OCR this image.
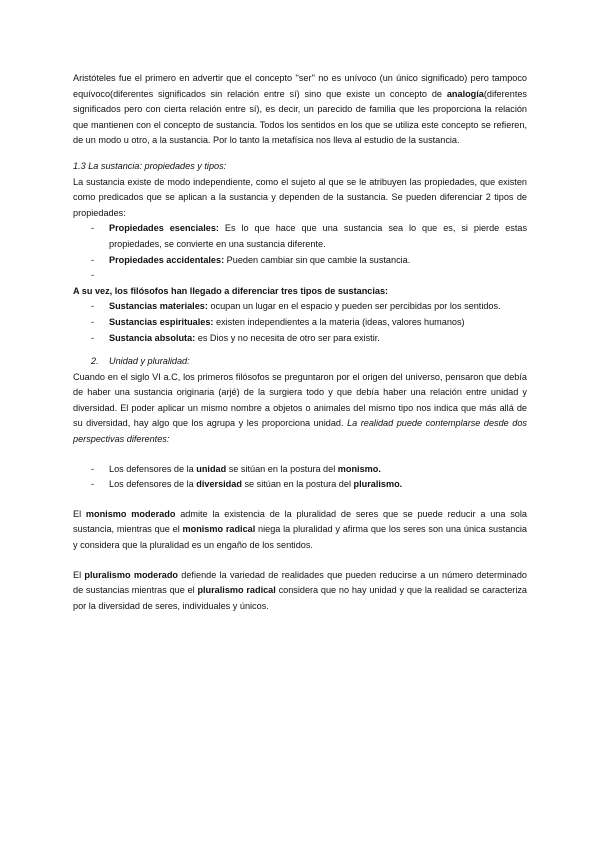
Aristóteles fue el primero en advertir que el concepto ''ser'' no es unívoco (un único significado) pero tampoco equívoco(diferentes significados sin relación entre sí) sino que existe un concepto de analogía(diferentes significados pero con cierta relación entre sí), es decir, un parecido de familia que les proporciona la relación que mantienen con el concepto de sustancia. Todos los sentidos en los que se utiliza este concepto se refieren, de un modo u otro, a la sustancia. Por lo tanto la metafísica nos lleva al estudio de la sustancia.

1.3 La sustancia: propiedades y tipos:

La sustancia existe de modo independiente, como el sujeto al que se le atribuyen las propiedades, que existen como predicados que se aplican a la sustancia y dependen de la sustancia. Se pueden diferenciar 2 tipos de propiedades:

- Propiedades esenciales: Es lo que hace que una sustancia sea lo que es, si pierde estas propiedades, se convierte en una sustancia diferente.
- Propiedades accidentales: Pueden cambiar sin que cambie la sustancia.
-

A su vez, los filósofos han llegado a diferenciar tres tipos de sustancias:

- Sustancias materiales: ocupan un lugar en el espacio y pueden ser percibidas por los sentidos.
- Sustancias espirituales: existen independientes a la materia (ideas, valores humanos)
- Sustancia absoluta: es Dios y no necesita de otro ser para existir.

2. Unidad y pluralidad:

Cuando en el siglo VI a.C, los primeros filósofos se preguntaron por el origen del universo, pensaron que debía de haber una sustancia originaria (arjé) de la surgiera todo y que debía haber una relación entre unidad y diversidad. El poder aplicar un mismo nombre a objetos o animales del mismo tipo nos indica que más allá de su diversidad, hay algo que los agrupa y les proporciona unidad. La realidad puede contemplarse desde dos perspectivas diferentes:

- Los defensores de la unidad se sitúan en la postura del monismo.
- Los defensores de la diversidad se sitúan en la postura del pluralismo.

El monismo moderado admite la existencia de la pluralidad de seres que se puede reducir a una sola sustancia, mientras que el monismo radical niega la pluralidad y afirma que los seres son una única sustancia y considera que la pluralidad es un engaño de los sentidos.

El pluralismo moderado defiende la variedad de realidades que pueden reducirse a un número determinado de sustancias mientras que el pluralismo radical considera que no hay unidad y que la realidad se caracteriza por la diversidad de seres, individuales y únicos.
